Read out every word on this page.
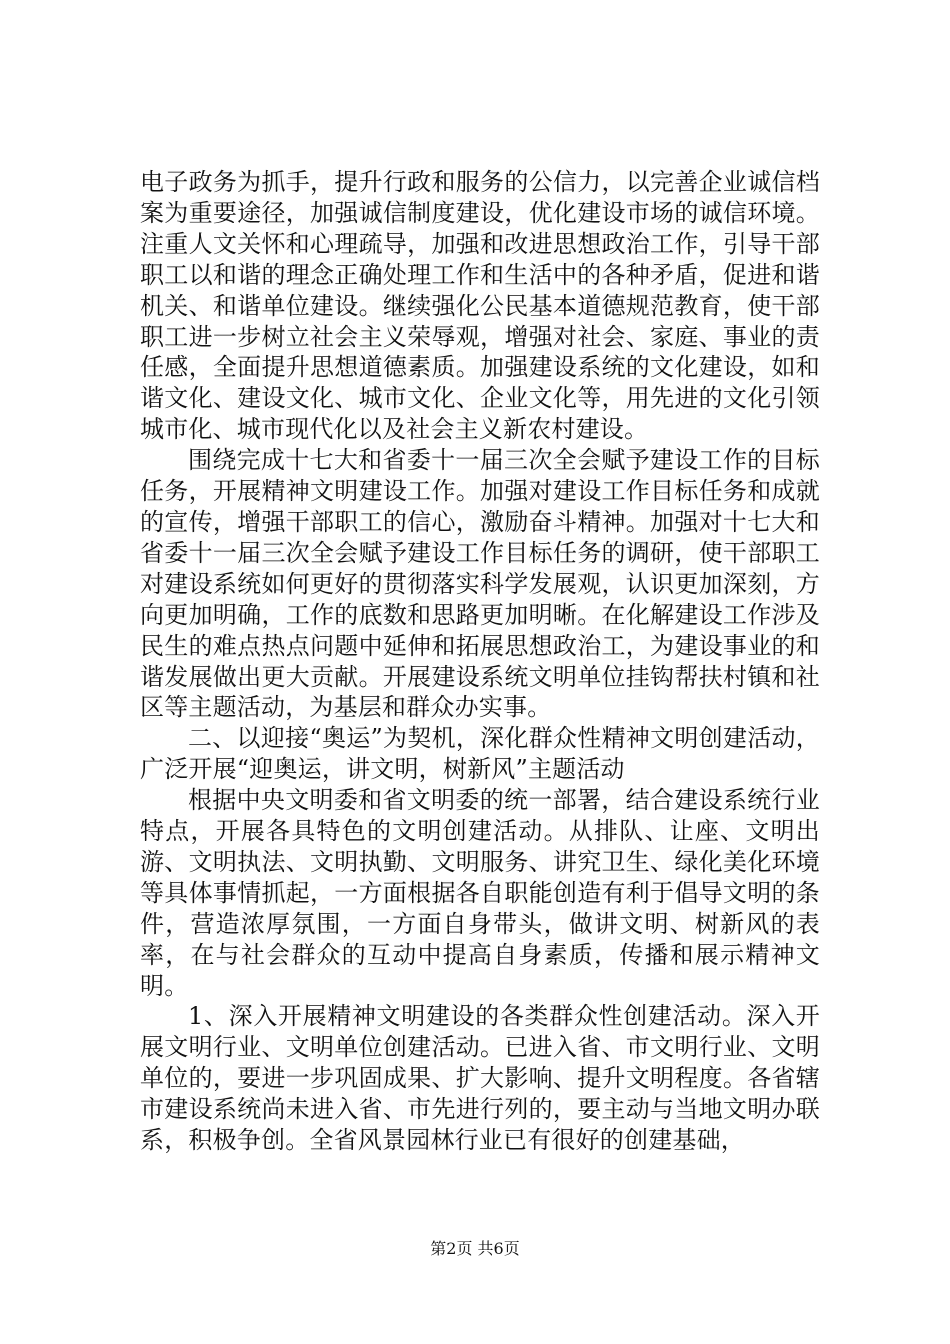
电子政务为抓手，提升行政和服务的公信力，以完善企业诚信档案为重要途径，加强诚信制度建设，优化建设市场的诚信环境。注重人文关怀和心理疏导，加强和改进思想政治工作，引导干部职工以和谐的理念正确处理工作和生活中的各种矛盾，促进和谐机关、和谐单位建设。继续强化公民基本道德规范教育，使干部职工进一步树立社会主义荣辱观，增强对社会、家庭、事业的责任感，全面提升思想道德素质。加强建设系统的文化建设，如和谐文化、建设文化、城市文化、企业文化等，用先进的文化引领城市化、城市现代化以及社会主义新农村建设。

围绕完成十七大和省委十一届三次全会赋予建设工作的目标任务，开展精神文明建设工作。加强对建设工作目标任务和成就的宣传，增强干部职工的信心，激励奋斗精神。加强对十七大和省委十一届三次全会赋予建设工作目标任务的调研，使干部职工对建设系统如何更好的贯彻落实科学发展观，认识更加深刻，方向更加明确，工作的底数和思路更加明晰。在化解建设工作涉及民生的难点热点问题中延伸和拓展思想政治工，为建设事业的和谐发展做出更大贡献。开展建设系统文明单位挂钩帮扶村镇和社区等主题活动，为基层和群众办实事。

二、以迎接“奥运”为契机，深化群众性精神文明创建活动，广泛开展“迎奥运，讲文明，树新风”主题活动

根据中央文明委和省文明委的统一部署，结合建设系统行业特点，开展各具特色的文明创建活动。从排队、让座、文明出游、文明执法、文明执勤、文明服务、讲究卫生、绿化美化环境等具体事情抓起，一方面根据各自职能创造有利于倡导文明的条件，营造浓厚氛围，一方面自身带头，做讲文明、树新风的表率，在与社会群众的互动中提高自身素质，传播和展示精神文明。

1、深入开展精神文明建设的各类群众性创建活动。深入开展文明行业、文明单位创建活动。已进入省、市文明行业、文明单位的，要进一步巩固成果、扩大影响、提升文明程度。各省辖市建设系统尚未进入省、市先进行列的，要主动与当地文明办联系，积极争创。全省风景园林行业已有很好的创建基础，

第2页 共6页
